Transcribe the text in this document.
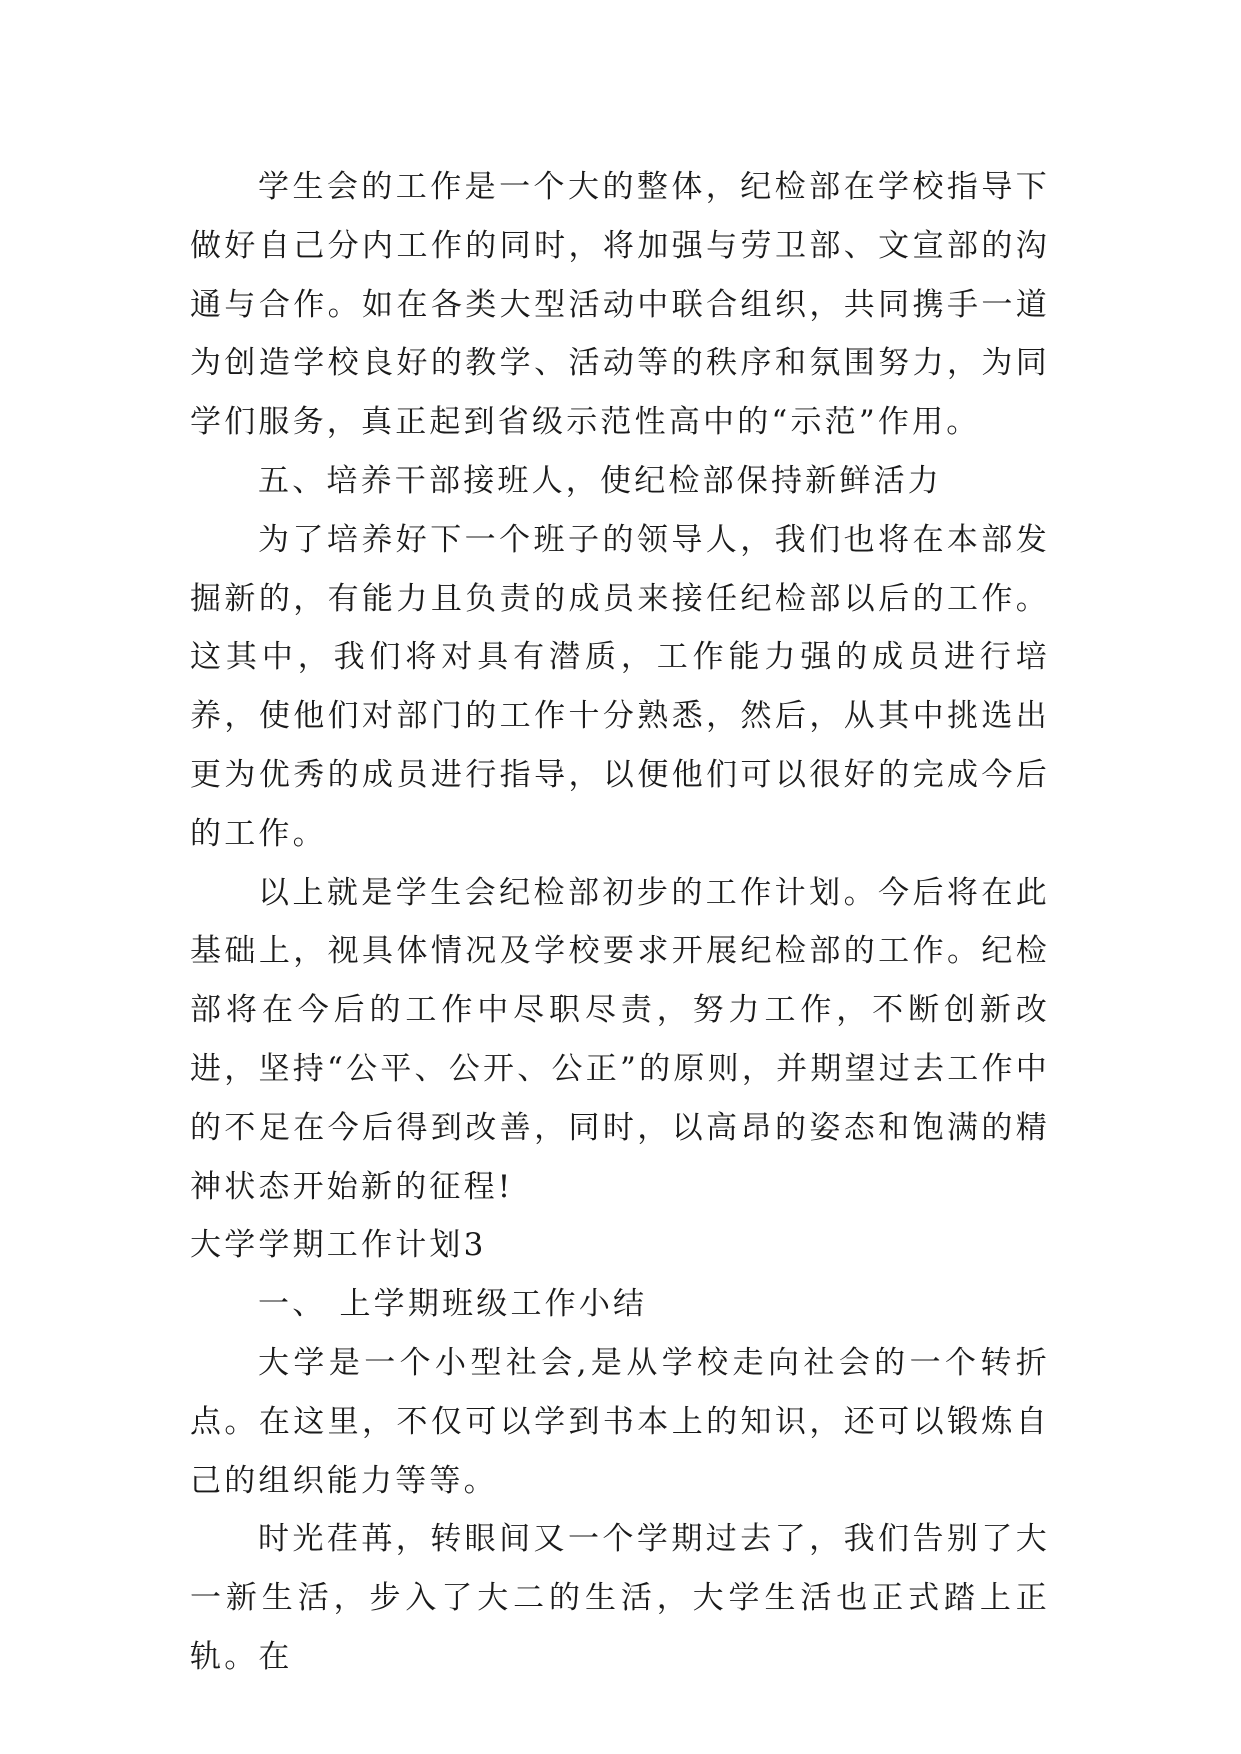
学生会的工作是一个大的整体，纪检部在学校指导下做好自己分内工作的同时，将加强与劳卫部、文宣部的沟通与合作。如在各类大型活动中联合组织，共同携手一道为创造学校良好的教学、活动等的秩序和氛围努力，为同学们服务，真正起到省级示范性高中的“示范”作用。

五、培养干部接班人，使纪检部保持新鲜活力

为了培养好下一个班子的领导人，我们也将在本部发掘新的，有能力且负责的成员来接任纪检部以后的工作。这其中，我们将对具有潜质，工作能力强的成员进行培养，使他们对部门的工作十分熟悉，然后，从其中挑选出更为优秀的成员进行指导，以便他们可以很好的完成今后的工作。

以上就是学生会纪检部初步的工作计划。今后将在此基础上，视具体情况及学校要求开展纪检部的工作。纪检部将在今后的工作中尽职尽责，努力工作，不断创新改进，坚持“公平、公开、公正”的原则，并期望过去工作中的不足在今后得到改善，同时，以高昂的姿态和饱满的精神状态开始新的征程!

大学学期工作计划3

一、 上学期班级工作小结

大学是一个小型社会,是从学校走向社会的一个转折点。在这里，不仅可以学到书本上的知识，还可以锻炼自己的组织能力等等。

时光荏苒，转眼间又一个学期过去了，我们告别了大一新生活，步入了大二的生活，大学生活也正式踏上正轨。在
